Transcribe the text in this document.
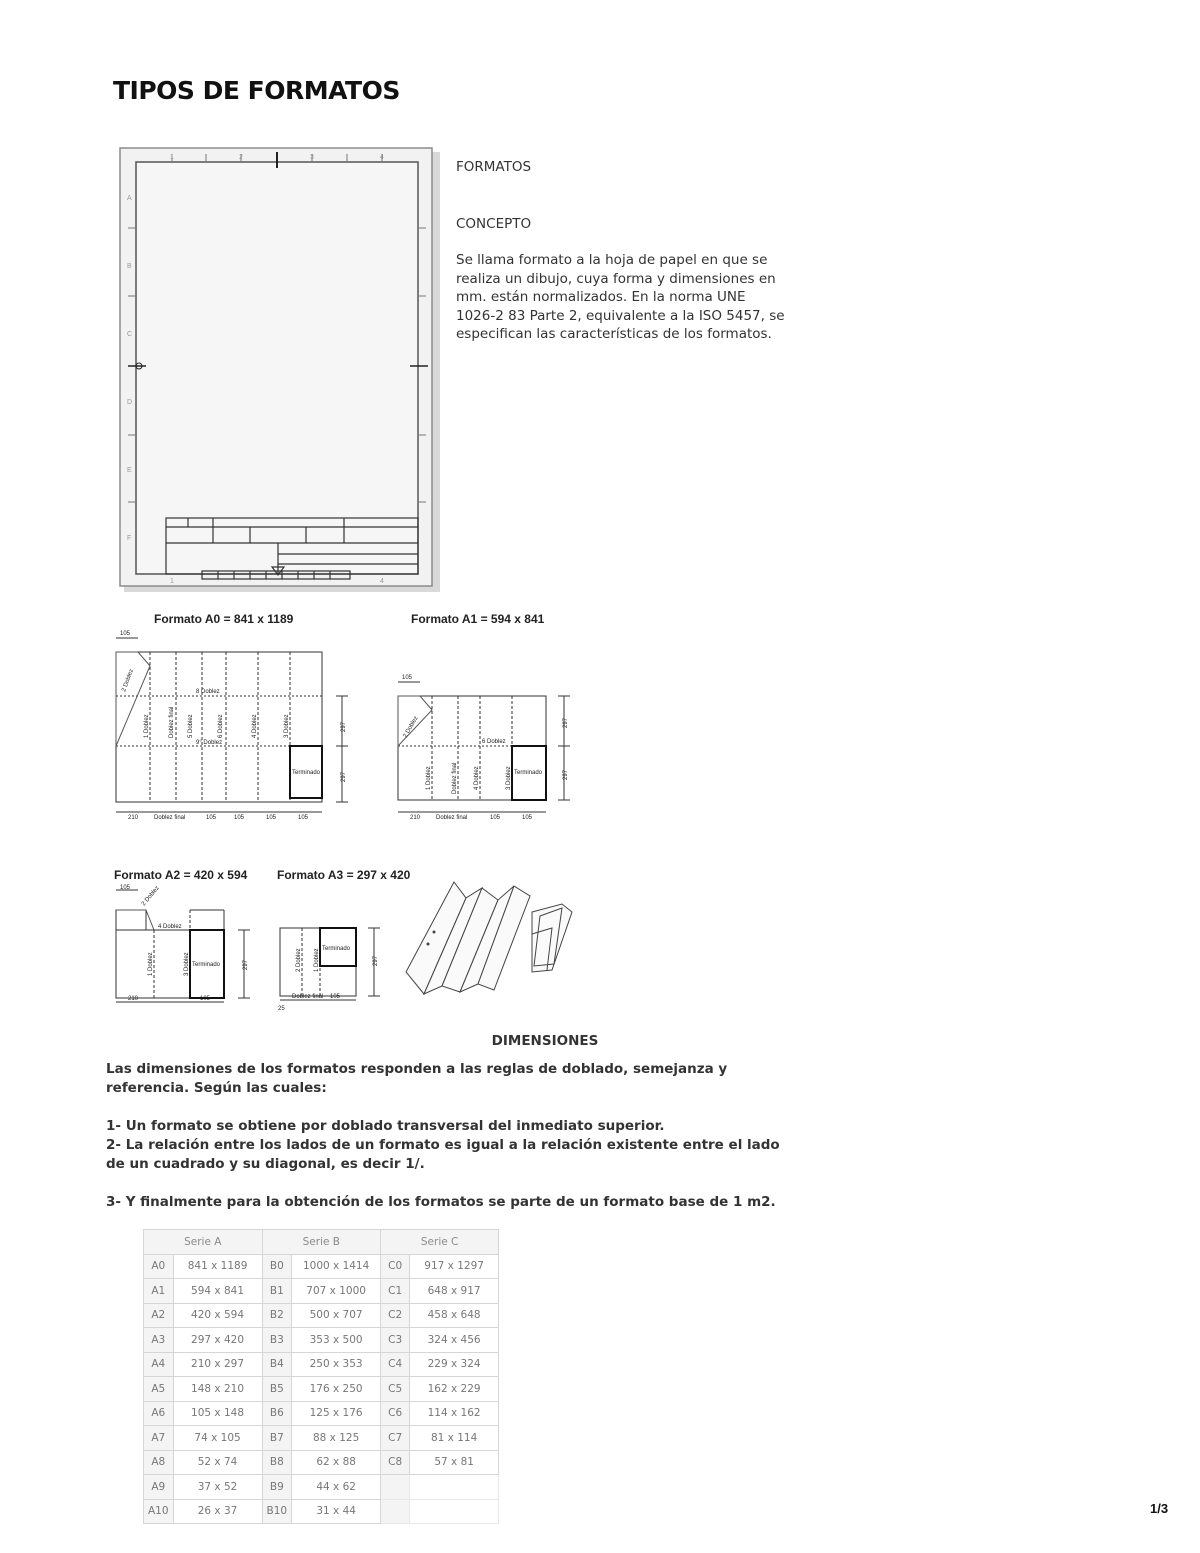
TIPOS DE FORMATOS
1	2	3	4
A
B
C
D
E
F
1	4

FORMATOS

CONCEPTO

Se llama formato a la hoja de papel en que se realiza un dibujo, cuya forma y dimensiones en mm. están normalizados. En la norma UNE 1026-2 83 Parte 2, equivalente a la ISO 5457, se especifican las características de los formatos.

Formato A0 = 841 x 1189	Formato A1 = 594 x 841
Formato A2 = 420 x 594 Formato A3 = 297 x 420
105
2 Doblez
1 Doblez	Doblez final 5 Doblez	6 Doblez	4 Doblez	3 Doblez
8 Doblez
9° Doblez
297
297
Terminado
210	Doblez final	105	105	105	105
105
2 Doblez
1 Doblez	Doblez final	4 Doblez	3 Doblez
6 Doblez
297
297
Terminado
210	Doblez final	105	105
105 2 Doblez
4 Doblez
1 Doblez	3 Doblez	297
Terminado
210	105
2 Doblez 1 Doblez	297
Terminado
25
Doblez final 105
DIMENSIONES

Las dimensiones de los formatos responden a las reglas de doblado, semejanza y referencia. Según las cuales:

1- Un formato se obtiene por doblado transversal del inmediato superior.

2- La relación entre los lados de un formato es igual a la relación existente entre el lado de un cuadrado y su diagonal, es decir 1/.

3- Y finalmente para la obtención de los formatos se parte de un formato base de 1 m2.

Serie A		Serie B		Serie C	
A0	841 x 1189	B0	1000 x 1414	C0	917 x 1297
A1	594 x 841	B1	707 x 1000	C1	648 x 917
A2	420 x 594	B2	500 x 707	C2	458 x 648
A3	297 x 420	B3	353 x 500	C3	324 x 456
A4	210 x 297	B4	250 x 353	C4	229 x 324
A5	148 x 210	B5	176 x 250	C5	162 x 229
A6	105 x 148	B6	125 x 176	C6	114 x 162
A7	74 x 105	B7	88 x 125	C7	81 x 114
A8	52 x 74	B8	62 x 88	C8	57 x 81
A9	37 x 52	B9	44 x 62		
A10	26 x 37	B10	31 x 44			1/3
